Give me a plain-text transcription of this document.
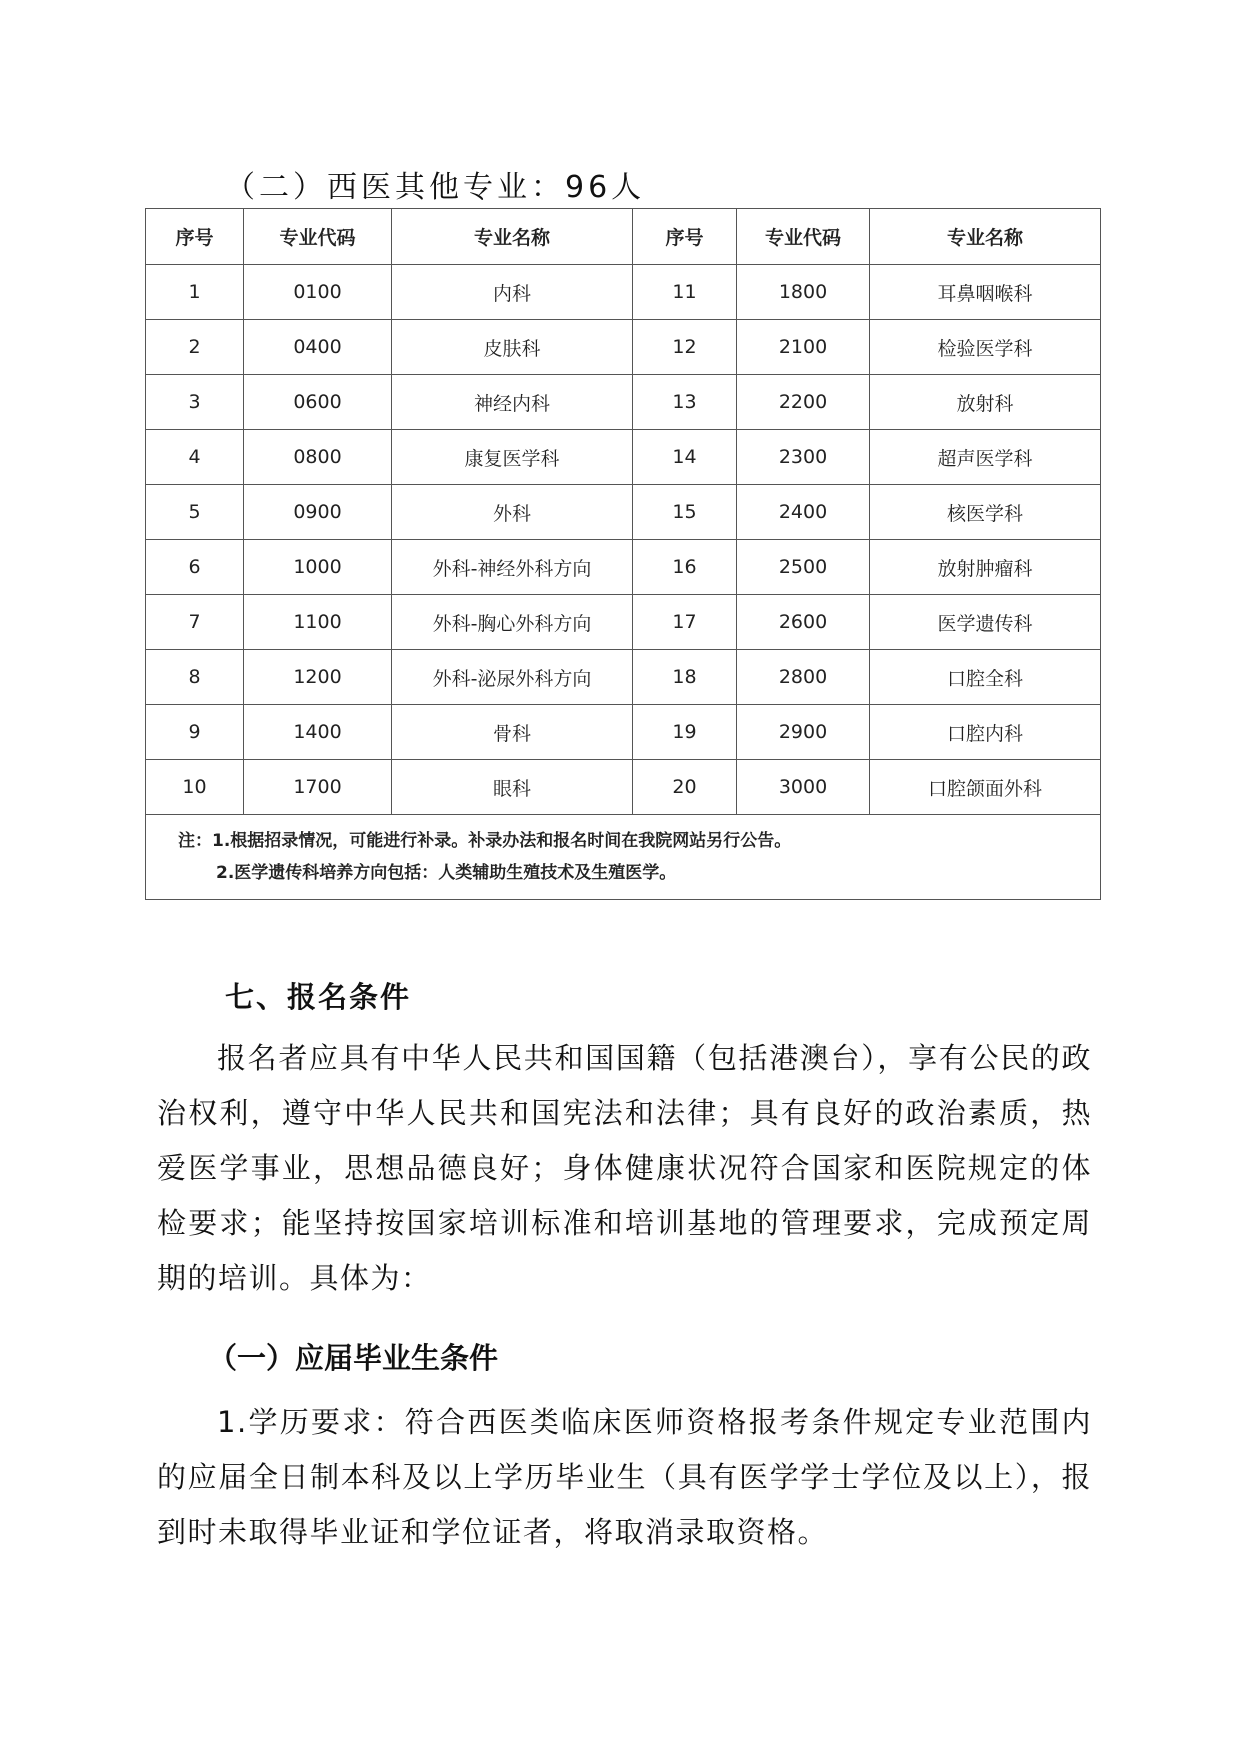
（二）西医其他专业：96人
序号	专业代码	专业名称	序号	专业代码	专业名称
1	0100	内科	11	1800	耳鼻咽喉科
2	0400	皮肤科	12	2100	检验医学科
3	0600	神经内科	13	2200	放射科
4	0800	康复医学科	14	2300	超声医学科
5	0900	外科	15	2400	核医学科
6	1000	外科-神经外科方向	16	2500	放射肿瘤科
7	1100	外科-胸心外科方向	17	2600	医学遗传科
8	1200	外科-泌尿外科方向	18	2800	口腔全科
9	1400	骨科	19	2900	口腔内科
10	1700	眼科	20	3000	口腔颌面外科

注：1.根据招录情况，可能进行补录。补录办法和报名时间在我院网站另行公告。
2.医学遗传科培养方向包括：人类辅助生殖技术及生殖医学。					
七、报名条件
报名者应具有中华人民共和国国籍（包括港澳台），享有公民的政治权利，遵守中华人民共和国宪法和法律；具有良好的政治素质，热爱医学事业，思想品德良好；身体健康状况符合国家和医院规定的体检要求；能坚持按国家培训标准和培训基地的管理要求，完成预定周期的培训。具体为：
（一）应届毕业生条件
1.学历要求：符合西医类临床医师资格报考条件规定专业范围内的应届全日制本科及以上学历毕业生（具有医学学士学位及以上），报到时未取得毕业证和学位证者，将取消录取资格。
